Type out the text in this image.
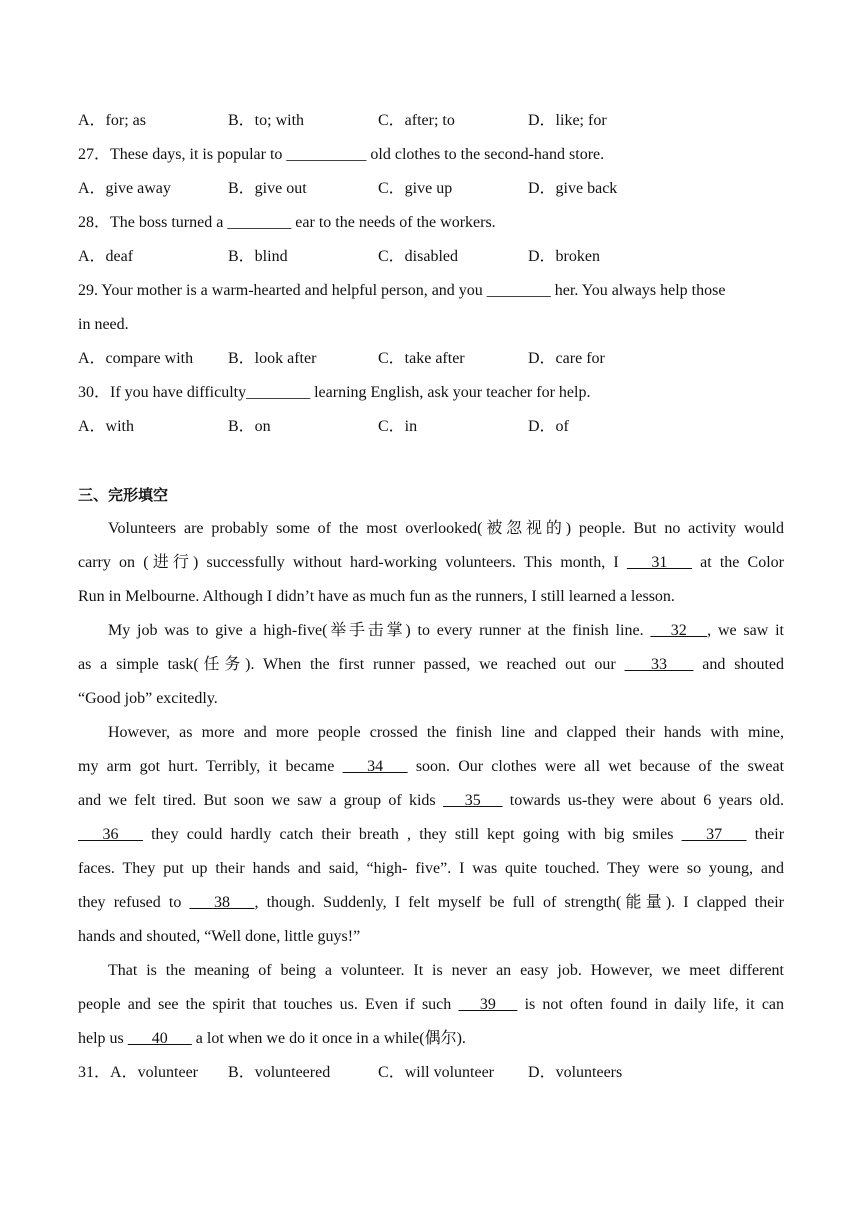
A．for; as	B．to; with	C．after; to	D．like; for
27．These days, it is popular to __________ old clothes to the second-hand store.
A．give away	B．give out	C．give up	D．give back
28．The boss turned a ________ ear to the needs of the workers.
A．deaf	B．blind	C．disabled	D．broken
29. Your mother is a warm-hearted and helpful person, and you ________ her. You always help those
in need.
A．compare with	B．look after	C．take after	D．care for
30．If you have difficulty________ learning English, ask your teacher for help.
A．with	B．on	C．in	D．of
三、完形填空
Volunteers are probably some of the most overlooked(被忽视的) people. But no activity would
carry on (进行) successfully without hard-working volunteers. This month, I    31    at the Color
Run in Melbourne. Although I didn’t have as much fun as the runners, I still learned a lesson.
My job was to give a high-five(举手击掌) to every runner at the finish line.    32   , we saw it
as a simple task(任务). When the first runner passed, we reached out our    33    and shouted
“Good job” excitedly.
However, as more and more people crossed the finish line and clapped their hands with mine,
my arm got hurt. Terribly, it became    34    soon. Our clothes were all wet because of the sweat
and we felt tired. But soon we saw a group of kids    35    towards us-they were about 6 years old.
36    they could hardly catch their breath , they still kept going with big smiles    37    their
faces. They put up their hands and said, “high- five”. I was quite touched. They were so young, and
they refused to    38   , though. Suddenly, I felt myself be full of strength(能量). I clapped their
hands and shouted, “Well done, little guys!”
That is the meaning of being a volunteer. It is never an easy job. However, we meet different
people and see the spirit that touches us. Even if such    39    is not often found in daily life, it can
help us       40       a lot when we do it once in a while(偶尔).
31． A．volunteer	B．volunteered	C．will volunteer	D．volunteers
